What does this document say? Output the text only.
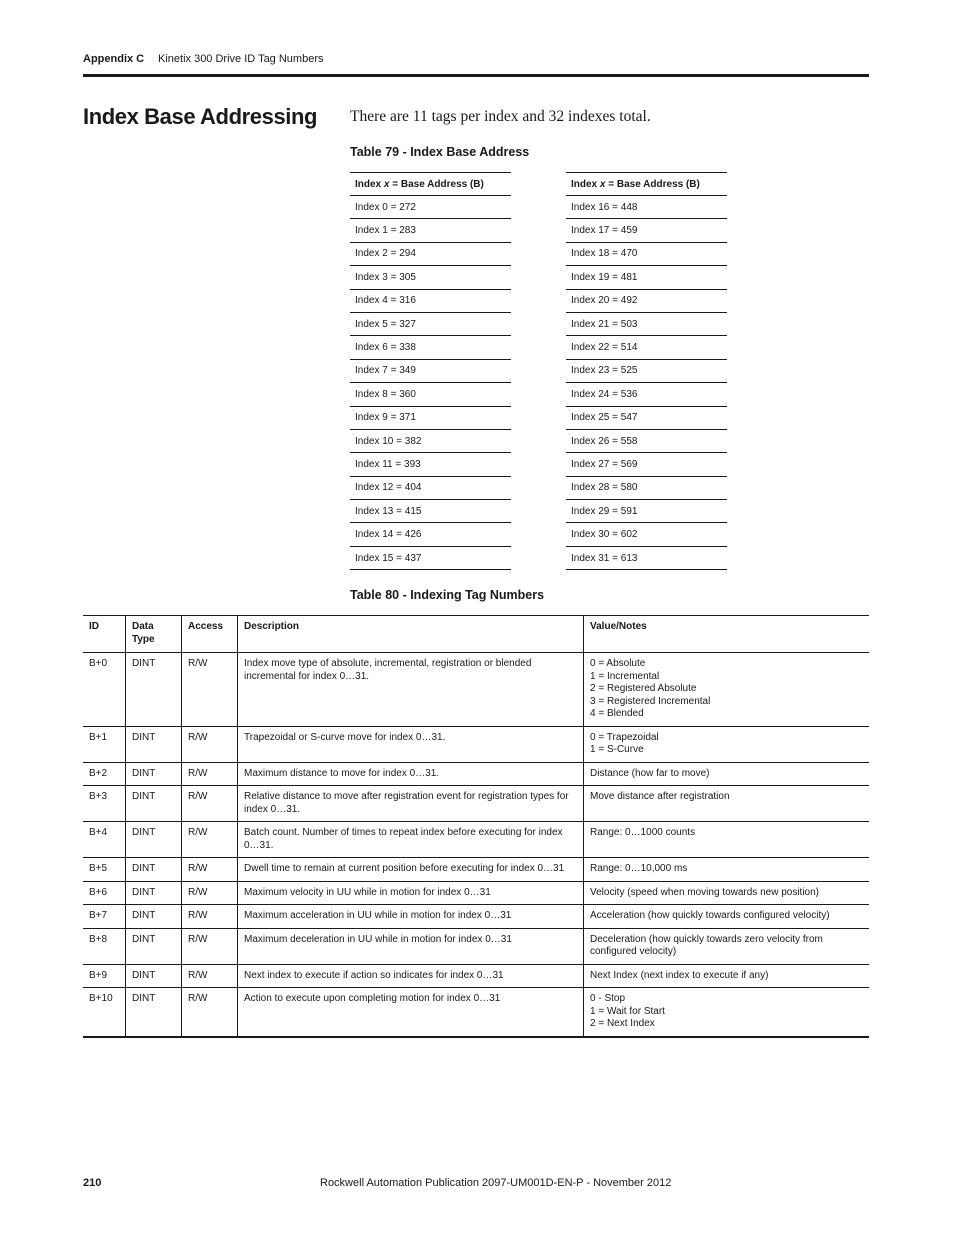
Appendix C Kinetix 300 Drive ID Tag Numbers
Index Base Addressing There are 11 tags per index and 32 indexes total.

Table 79 - Index Base Address
Index x = Base Address (B)
Index 0 = 272
Index 1 = 283
Index 2 = 294
Index 3 = 305
Index 4 = 316
Index 5 = 327
Index 6 = 338
Index 7 = 349
Index 8 = 360
Index 9 = 371
Index 10 = 382
Index 11 = 393
Index 12 = 404
Index 13 = 415
Index 14 = 426
Index 15 = 437
Index x = Base Address (B)
Index 16 = 448
Index 17 = 459
Index 18 = 470
Index 19 = 481
Index 20 = 492
Index 21 = 503
Index 22 = 514
Index 23 = 525
Index 24 = 536
Index 25 = 547
Index 26 = 558
Index 27 = 569
Index 28 = 580
Index 29 = 591
Index 30 = 602
Index 31 = 613
Table 80 - Indexing Tag Numbers
ID	Data Type	Access	Description	Value/Notes
B+0	DINT	R/W	Index move type of absolute, incremental, registration or blended incremental for index 0…31.	0 = Absolute
1 = Incremental
2 = Registered Absolute
3 = Registered Incremental
4 = Blended
B+1	DINT	R/W	Trapezoidal or S-curve move for index 0…31.	0 = Trapezoidal
1 = S-Curve
B+2	DINT	R/W	Maximum distance to move for index 0…31.	Distance (how far to move)
B+3	DINT	R/W	Relative distance to move after registration event for registration types for index 0…31.	Move distance after registration
B+4	DINT	R/W	Batch count. Number of times to repeat index before executing for index 0…31.	Range: 0…1000 counts
B+5	DINT	R/W	Dwell time to remain at current position before executing for index 0…31	Range: 0…10,000 ms
B+6	DINT	R/W	Maximum velocity in UU while in motion for index 0…31	Velocity (speed when moving towards new position)
B+7	DINT	R/W	Maximum acceleration in UU while in motion for index 0…31	Acceleration (how quickly towards configured velocity)
B+8	DINT	R/W	Maximum deceleration in UU while in motion for index 0…31	Deceleration (how quickly towards zero velocity from configured velocity)
B+9	DINT	R/W	Next index to execute if action so indicates for index 0…31	Next Index (next index to execute if any)
B+10	DINT	R/W	Action to execute upon completing motion for index 0…31	0 - Stop
1 = Wait for Start
2 = Next Index
210	Rockwell Automation Publication 2097-UM001D-EN-P - November 2012
